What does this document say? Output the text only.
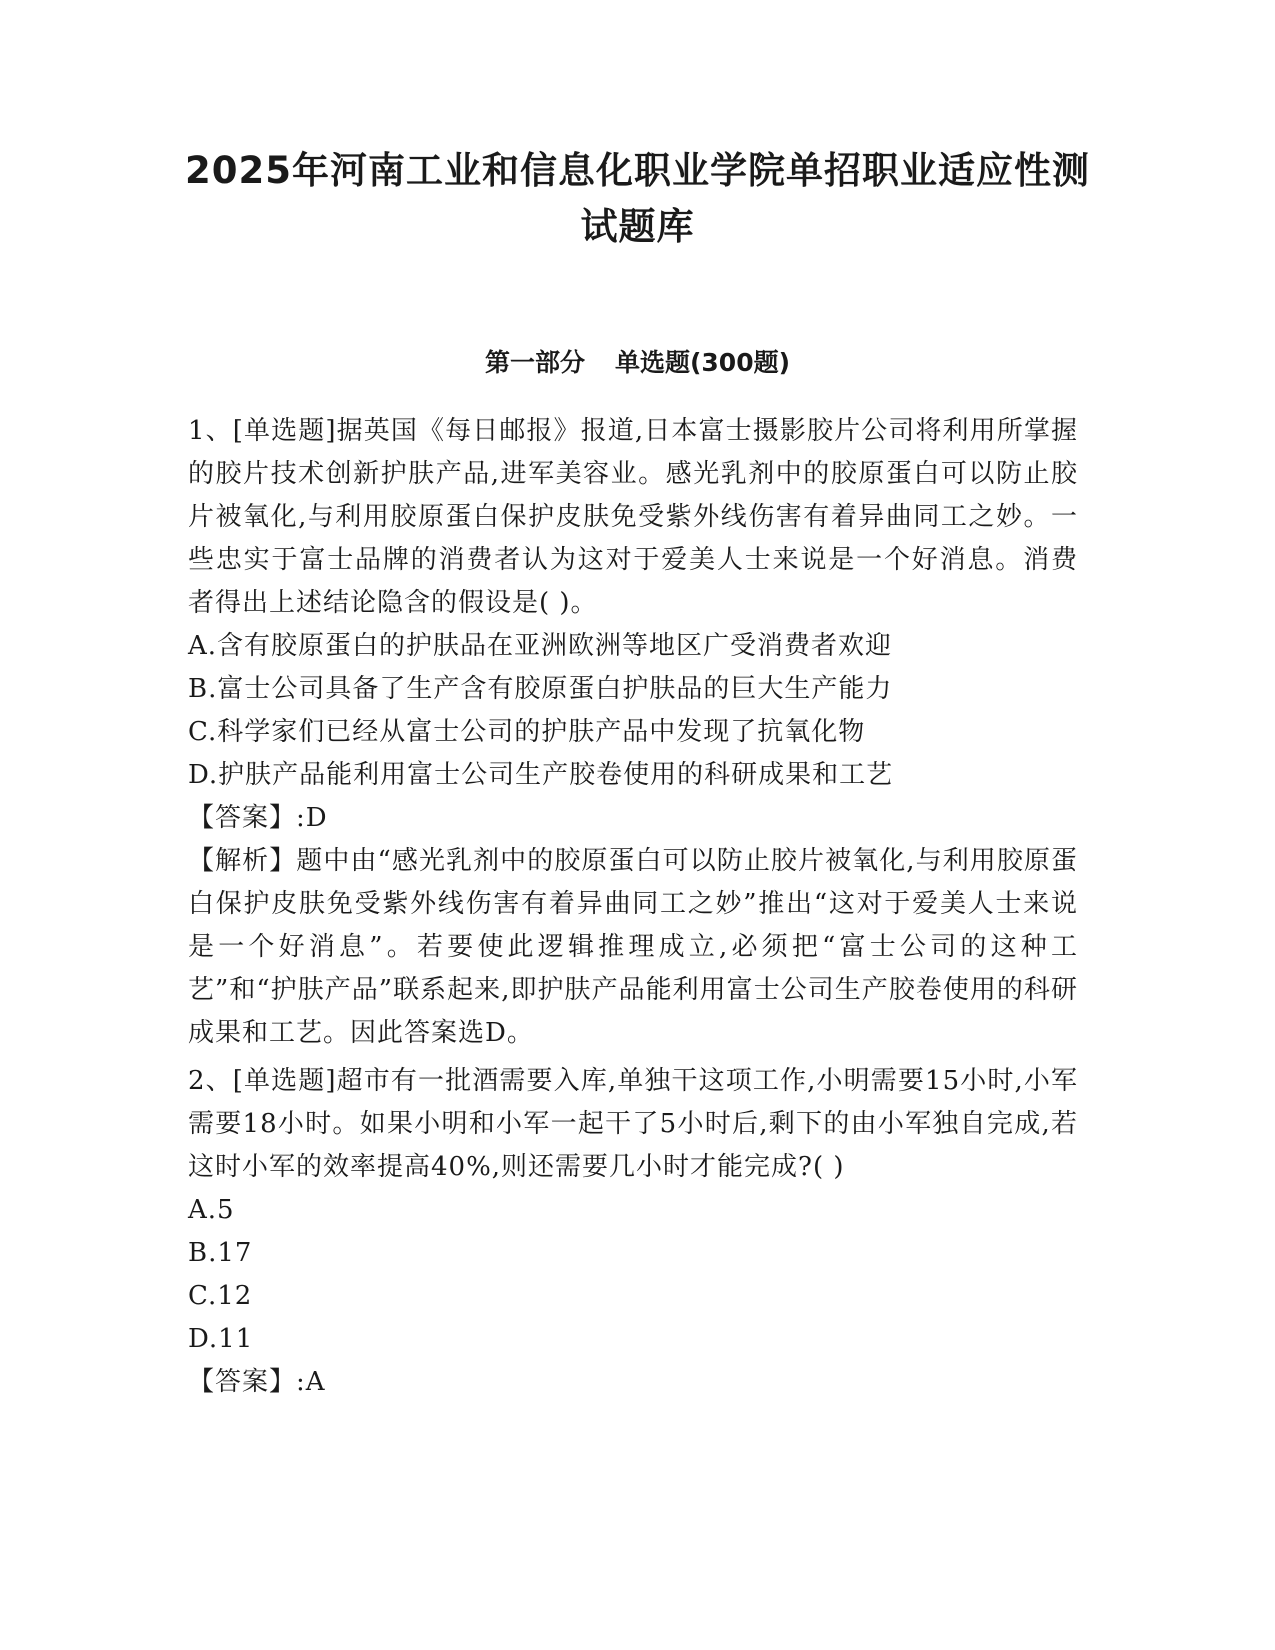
2025年河南工业和信息化职业学院单招职业适应性测
试题库
第一部分 单选题(300题)

1、[单选题]据英国《每日邮报》报道,日本富士摄影胶片公司将利用所掌握的胶片技术创新护肤产品,进军美容业。感光乳剂中的胶原蛋白可以防止胶片被氧化,与利用胶原蛋白保护皮肤免受紫外线伤害有着异曲同工之妙。一些忠实于富士品牌的消费者认为这对于爱美人士来说是一个好消息。消费者得出上述结论隐含的假设是( )。

A.含有胶原蛋白的护肤品在亚洲欧洲等地区广受消费者欢迎

B.富士公司具备了生产含有胶原蛋白护肤品的巨大生产能力

C.科学家们已经从富士公司的护肤产品中发现了抗氧化物

D.护肤产品能利用富士公司生产胶卷使用的科研成果和工艺

【答案】:D

【解析】题中由“感光乳剂中的胶原蛋白可以防止胶片被氧化,与利用胶原蛋白保护皮肤免受紫外线伤害有着异曲同工之妙”推出“这对于爱美人士来说是一个好消息”。若要使此逻辑推理成立,必须把“富士公司的这种工艺”和“护肤产品”联系起来,即护肤产品能利用富士公司生产胶卷使用的科研成果和工艺。因此答案选D。

2、[单选题]超市有一批酒需要入库,单独干这项工作,小明需要15小时,小军需要18小时。如果小明和小军一起干了5小时后,剩下的由小军独自完成,若这时小军的效率提高40%,则还需要几小时才能完成?( )

A.5

B.17

C.12

D.11

【答案】:A
